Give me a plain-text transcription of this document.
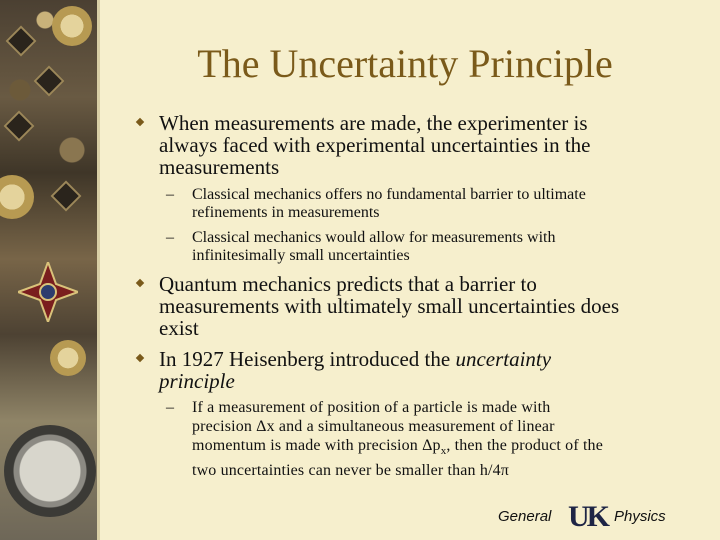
The Uncertainty Principle
When measurements are made, the experimenter is
always faced with experimental uncertainties in the
measurements
– Classical mechanics offers no fundamental barrier to ultimate
refinements in measurements
– Classical mechanics would allow for measurements with
infinitesimally small uncertainties
Quantum mechanics predicts that a barrier to
measurements with ultimately small uncertainties does
exist
In 1927 Heisenberg introduced the uncertainty
principle
– If a measurement of position of a particle is made with
precision Δx and a simultaneous measurement of linear
momentum is made with precision $\Delta p_x$, then the product of the
two uncertainties can never be smaller than h/4π
General UK Physics
